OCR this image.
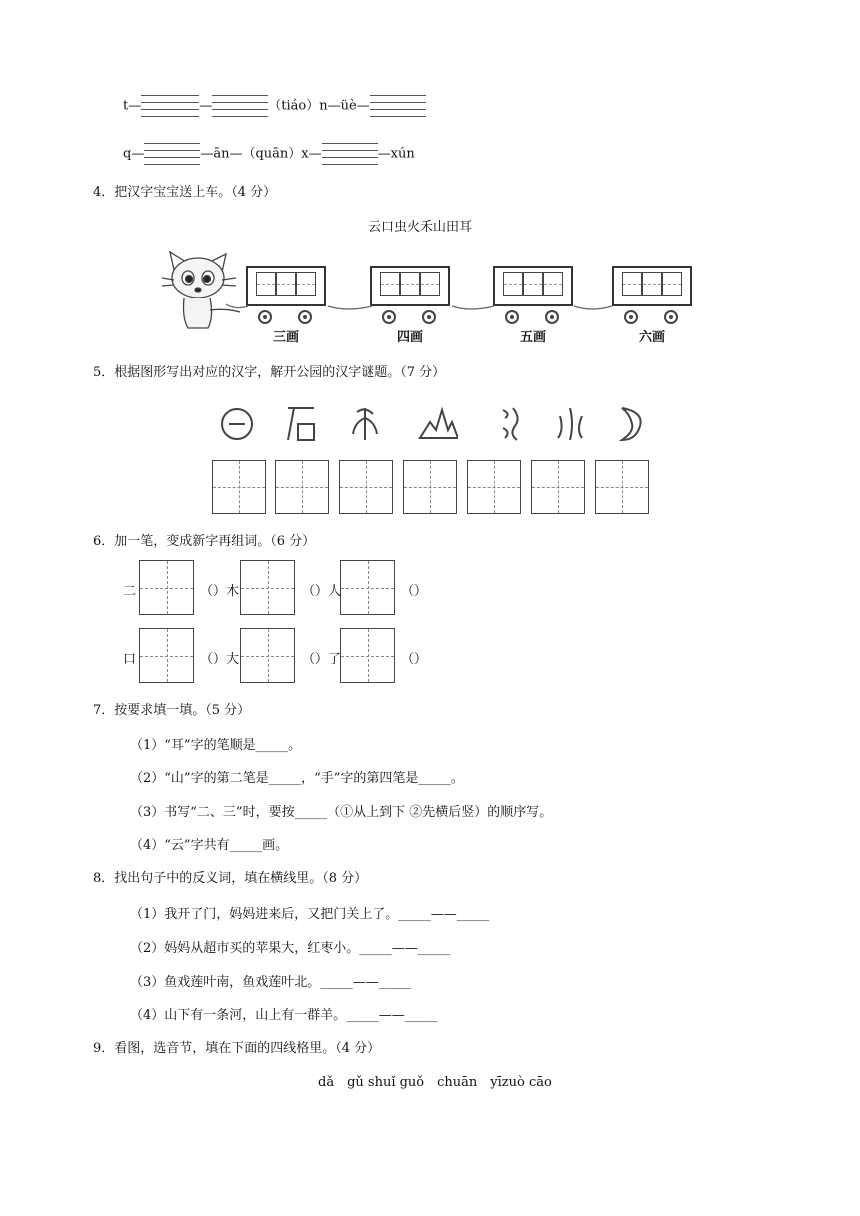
t—	—	（tiáo）n—üè—
q—	—ān—（quān）x—	—xún
4．把汉字宝宝送上车。（4 分）
云口虫火禾山田耳
三画	四画	五画	六画
5．根据图形写出对应的汉字，解开公园的汉字谜题。（7 分）
6．加一笔，变成新字再组词。（6 分）
二	（）木	（）人	（）
口	（）大	（）了	（）
7．按要求填一填。（5 分）
（1）“耳”字的笔顺是_____。
（2）“山”字的第二笔是_____，“手”字的第四笔是_____。
（3）书写“二、三”时，要按_____（①从上到下 ②先横后竖）的顺序写。
（4）“云”字共有_____画。
8．找出句子中的反义词，填在横线里。（8 分）
（1）我开了门，妈妈进来后，又把门关上了。_____——_____
（2）妈妈从超市买的苹果大，红枣小。_____——_____
（3）鱼戏莲叶南，鱼戏莲叶北。_____——_____
（4）山下有一条河，山上有一群羊。_____——_____
9．看图，选音节，填在下面的四线格里。（4 分）
dǎ　gǔ shuǐ guǒ　chuān　yīzuò cāo
